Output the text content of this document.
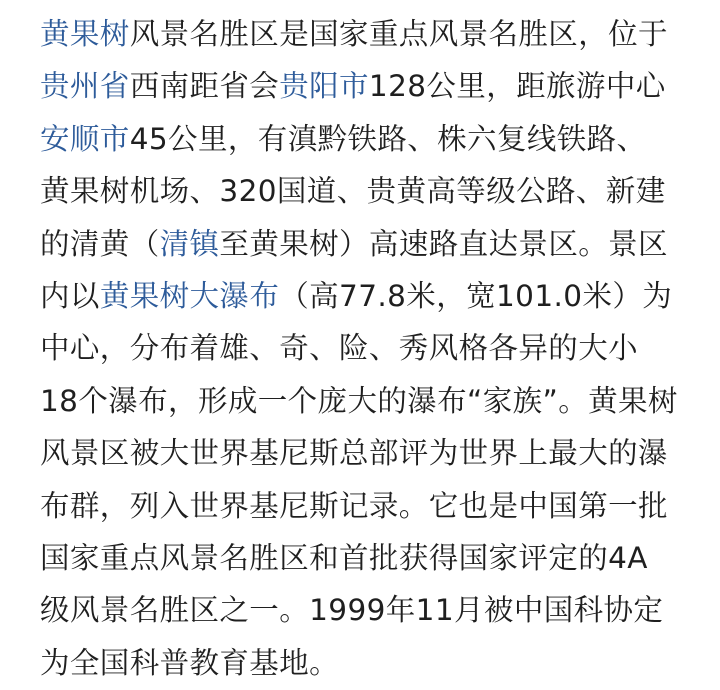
黄果树风景名胜区是国家重点风景名胜区，位于
贵州省西南距省会贵阳市128公里，距旅游中心
安顺市45公里，有滇黔铁路、株六复线铁路、
黄果树机场、320国道、贵黄高等级公路、新建
的清黄（清镇至黄果树）高速路直达景区。景区
内以黄果树大瀑布（高77.8米，宽101.0米）为
中心，分布着雄、奇、险、秀风格各异的大小
18个瀑布，形成一个庞大的瀑布“家族”。黄果树
风景区被大世界基尼斯总部评为世界上最大的瀑
布群，列入世界基尼斯记录。它也是中国第一批
国家重点风景名胜区和首批获得国家评定的4A
级风景名胜区之一。1999年11月被中国科协定
为全国科普教育基地。
